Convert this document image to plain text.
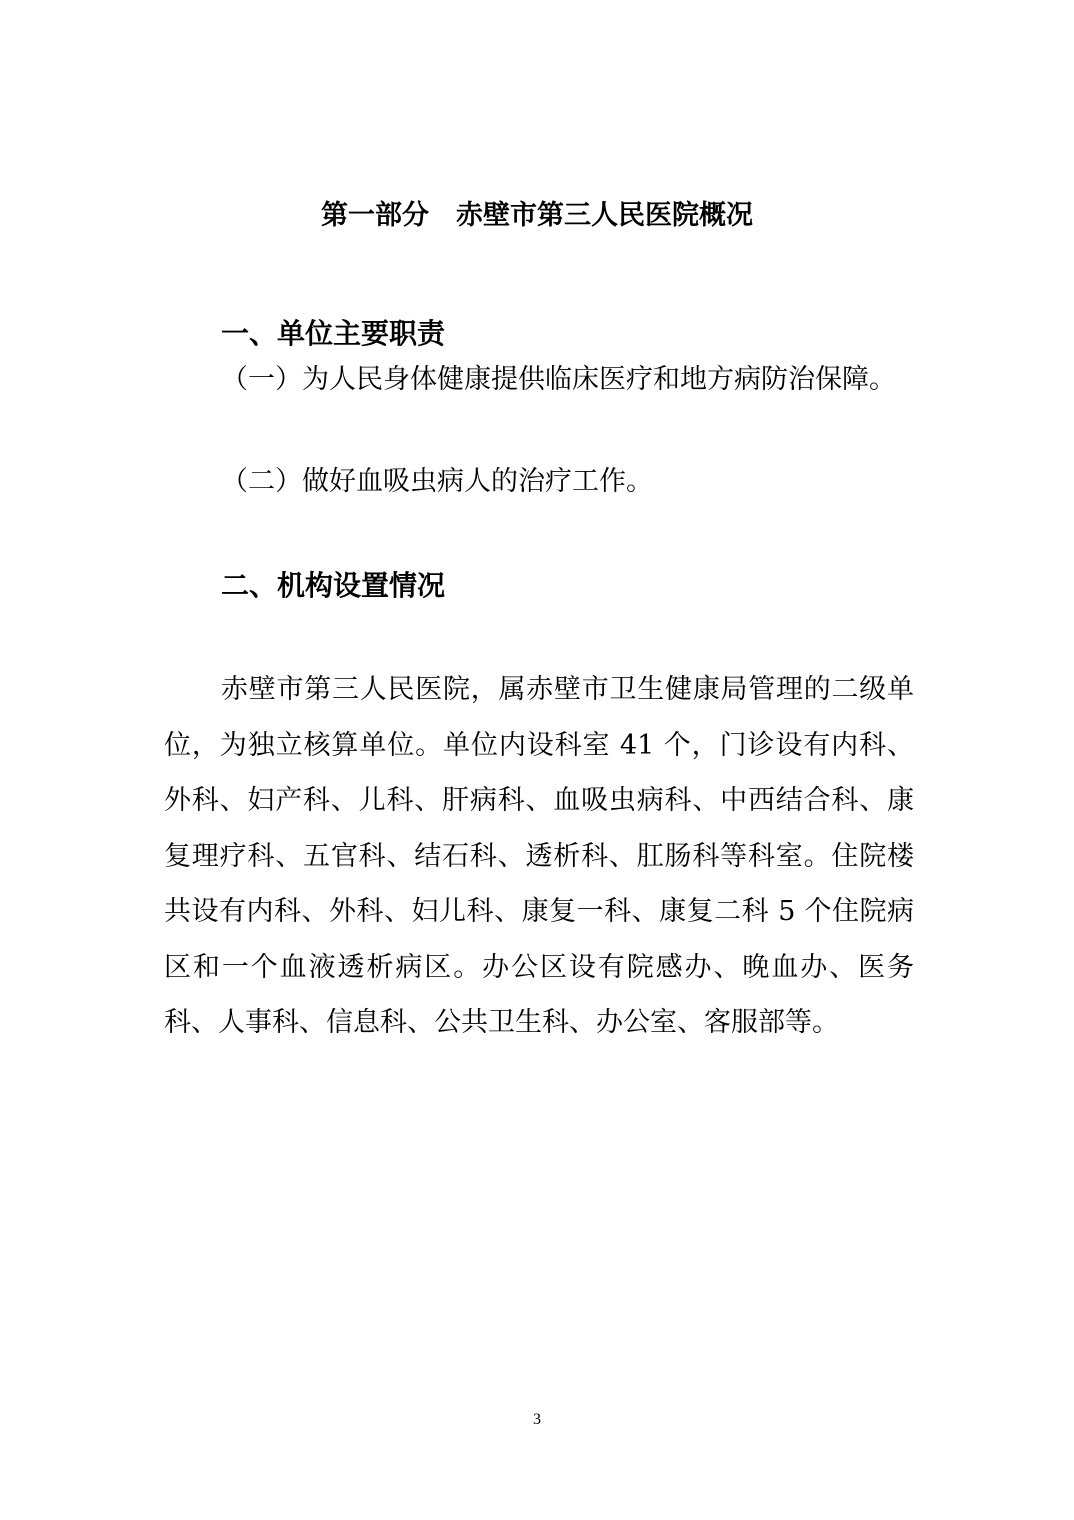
第一部分　赤壁市第三人民医院概况
一、单位主要职责

（一）为人民身体健康提供临床医疗和地方病防治保障。

（二）做好血吸虫病人的治疗工作。

二、机构设置情况

赤壁市第三人民医院，属赤壁市卫生健康局管理的二级单位，为独立核算单位。单位内设科室 41 个，门诊设有内科、外科、妇产科、儿科、肝病科、血吸虫病科、中西结合科、康复理疗科、五官科、结石科、透析科、肛肠科等科室。住院楼共设有内科、外科、妇儿科、康复一科、康复二科 5 个住院病区和一个血液透析病区。办公区设有院感办、晚血办、医务科、人事科、信息科、公共卫生科、办公室、客服部等。

3
